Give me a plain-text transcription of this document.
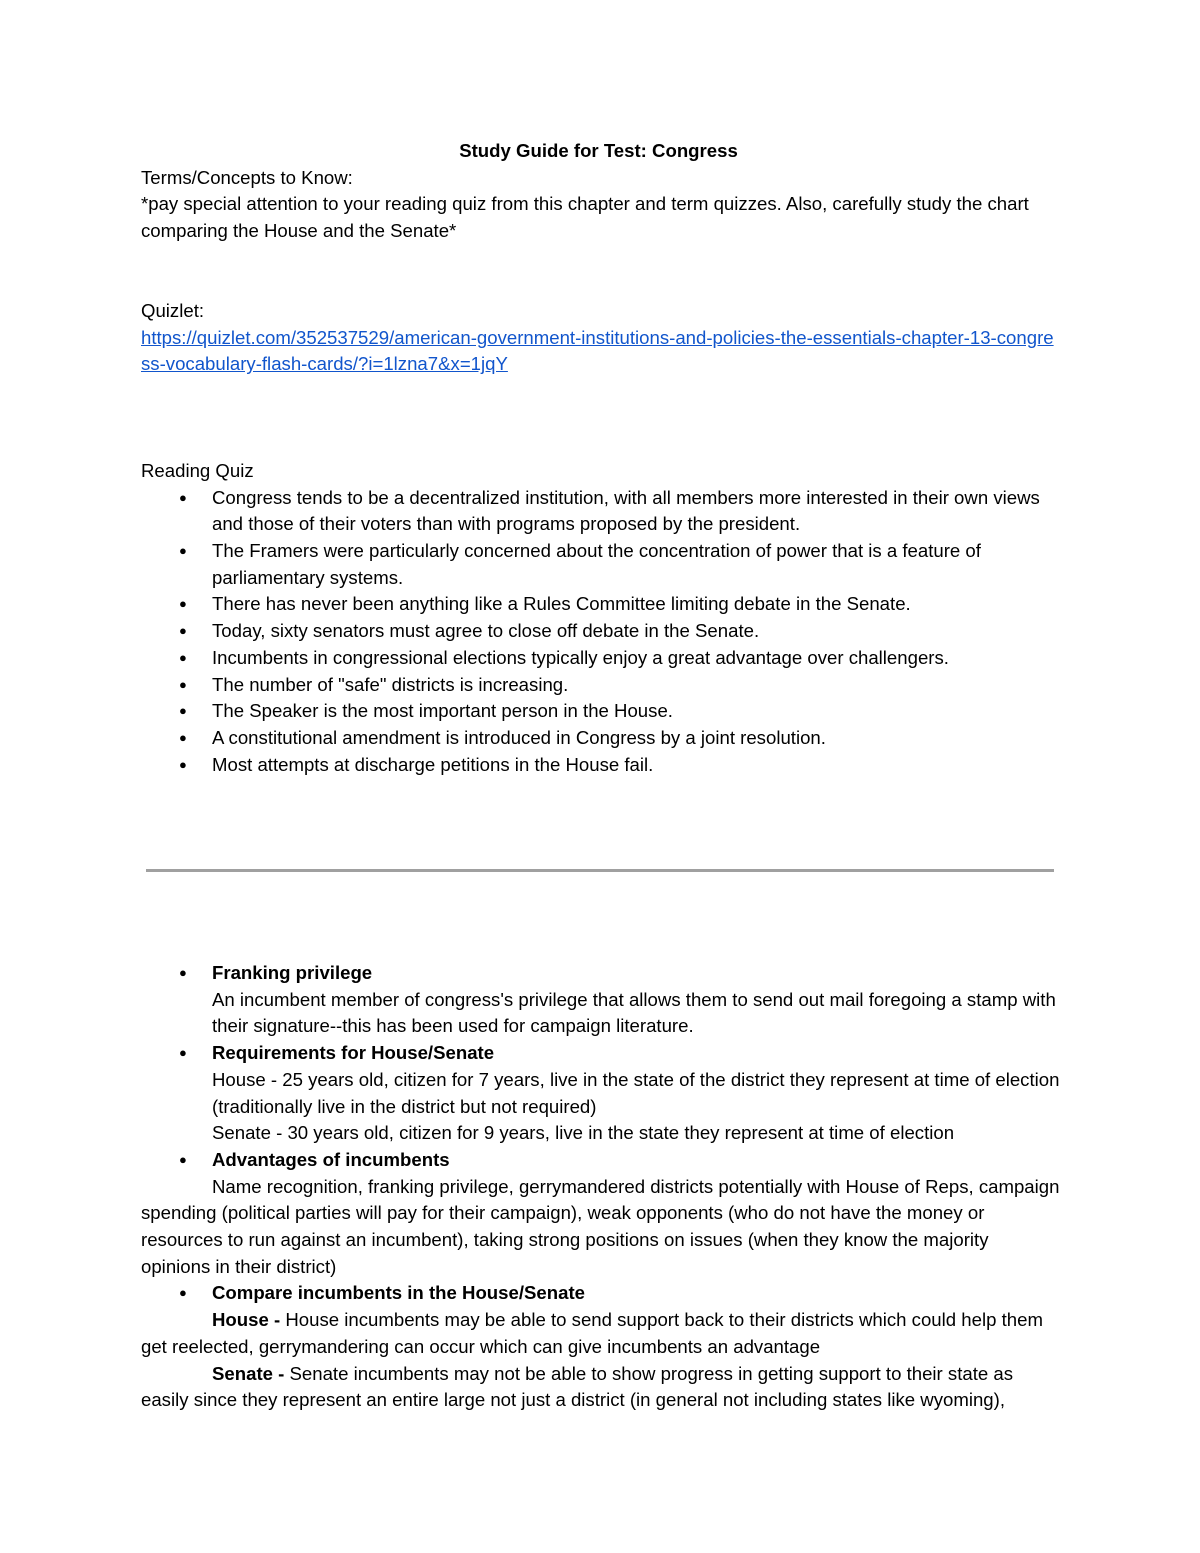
Study Guide for Test: Congress

Terms/Concepts to Know:

*pay special attention to your reading quiz from this chapter and term quizzes. Also, carefully study the chart comparing the House and the Senate*

Quizlet:

https://quizlet.com/352537529/american-government-institutions-and-policies-the-essentials-chapter-13-congress-vocabulary-flash-cards/?i=1lzna7&x=1jqY

Reading Quiz

● Congress tends to be a decentralized institution, with all members more interested in their own views and those of their voters than with programs proposed by the president.
● The Framers were particularly concerned about the concentration of power that is a feature of parliamentary systems.
● There has never been anything like a Rules Committee limiting debate in the Senate.
● Today, sixty senators must agree to close off debate in the Senate.
● Incumbents in congressional elections typically enjoy a great advantage over challengers.
● The number of "safe" districts is increasing.
● The Speaker is the most important person in the House.
● A constitutional amendment is introduced in Congress by a joint resolution.
● Most attempts at discharge petitions in the House fail.
● Franking privilege
An incumbent member of congress's privilege that allows them to send out mail foregoing a stamp with their signature--this has been used for campaign literature.
● Requirements for House/Senate
House - 25 years old, citizen for 7 years, live in the state of the district they represent at time of election (traditionally live in the district but not required)
Senate - 30 years old, citizen for 9 years, live in the state they represent at time of election
● Advantages of incumbents

Name recognition, franking privilege, gerrymandered districts potentially with House of Reps, campaign spending (political parties will pay for their campaign), weak opponents (who do not have the money or resources to run against an incumbent), taking strong positions on issues (when they know the majority opinions in their district)

● Compare incumbents in the House/Senate

House - House incumbents may be able to send support back to their districts which could help them get reelected, gerrymandering can occur which can give incumbents an advantage

Senate - Senate incumbents may not be able to show progress in getting support to their state as easily since they represent an entire large not just a district (in general not including states like wyoming),
